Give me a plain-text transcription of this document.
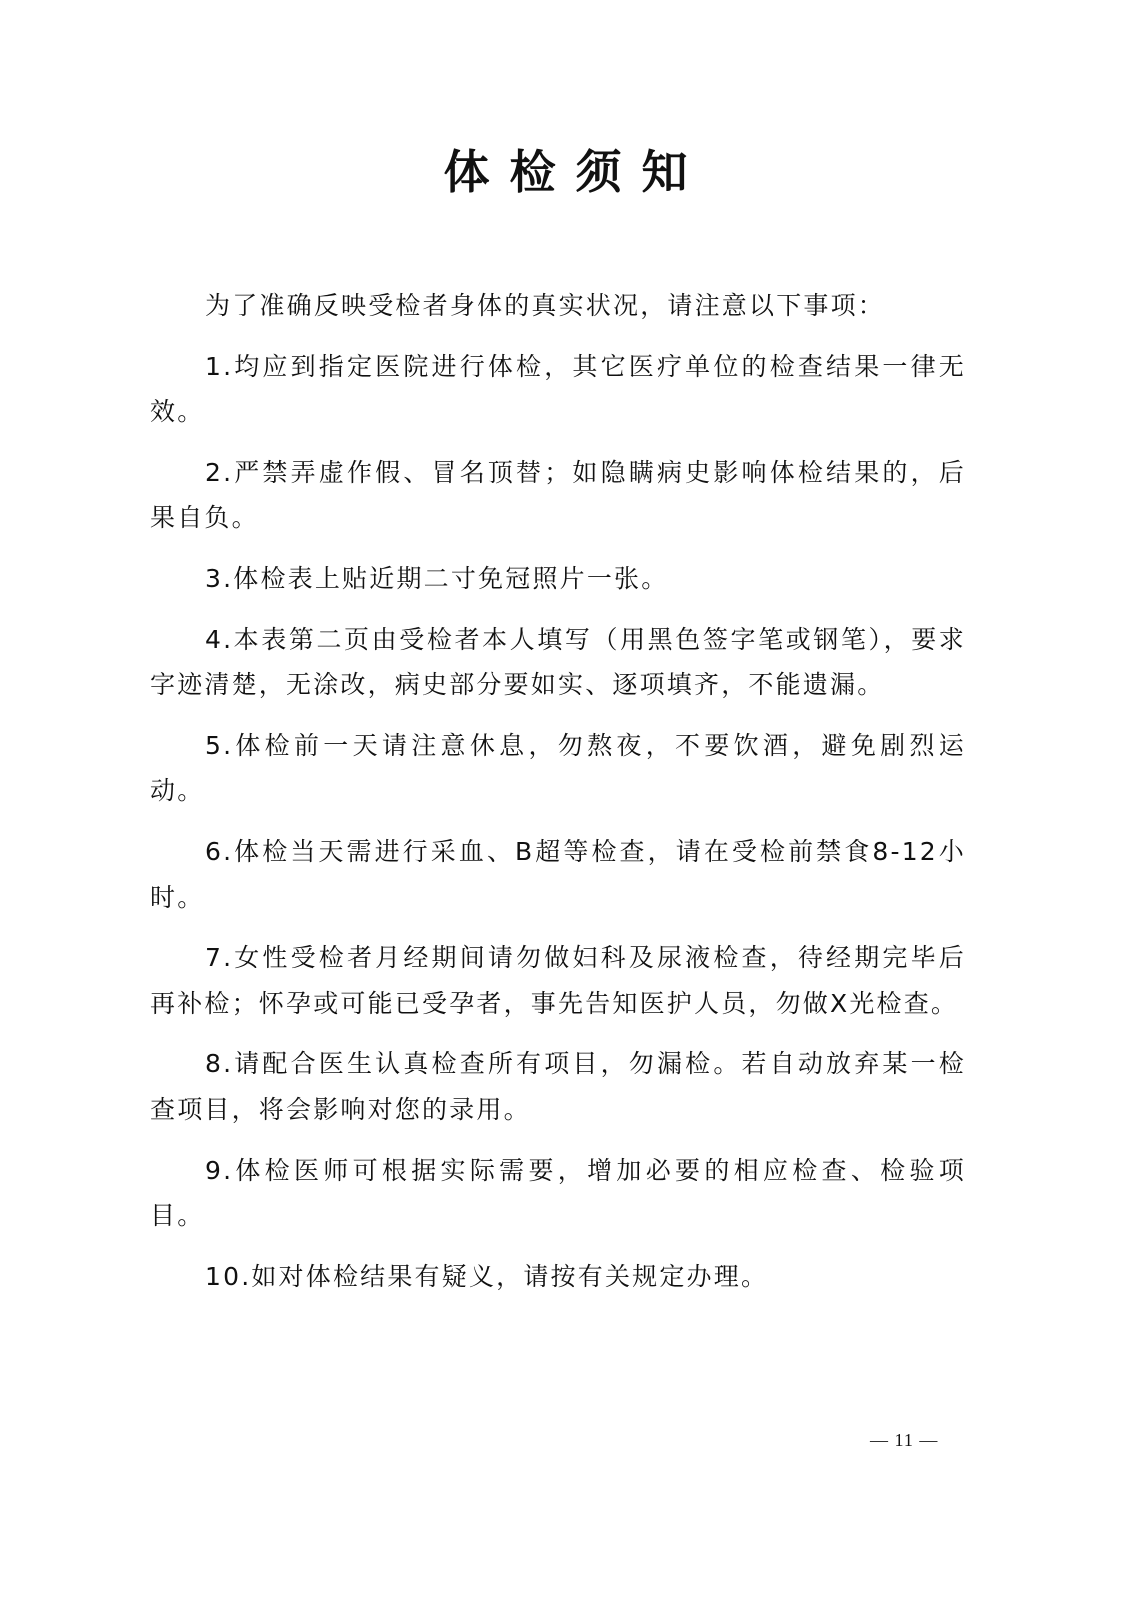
体检须知

为了准确反映受检者身体的真实状况，请注意以下事项：

1.均应到指定医院进行体检，其它医疗单位的检查结果一律无效。

2.严禁弄虚作假、冒名顶替；如隐瞒病史影响体检结果的，后果自负。

3.体检表上贴近期二寸免冠照片一张。

4.本表第二页由受检者本人填写（用黑色签字笔或钢笔），要求字迹清楚，无涂改，病史部分要如实、逐项填齐，不能遗漏。

5.体检前一天请注意休息，勿熬夜，不要饮酒，避免剧烈运动。

6.体检当天需进行采血、B超等检查，请在受检前禁食8-12小时。

7.女性受检者月经期间请勿做妇科及尿液检查，待经期完毕后再补检；怀孕或可能已受孕者，事先告知医护人员，勿做X光检查。

8.请配合医生认真检查所有项目，勿漏检。若自动放弃某一检查项目，将会影响对您的录用。

9.体检医师可根据实际需要，增加必要的相应检查、检验项目。

10.如对体检结果有疑义，请按有关规定办理。

— 11 —
